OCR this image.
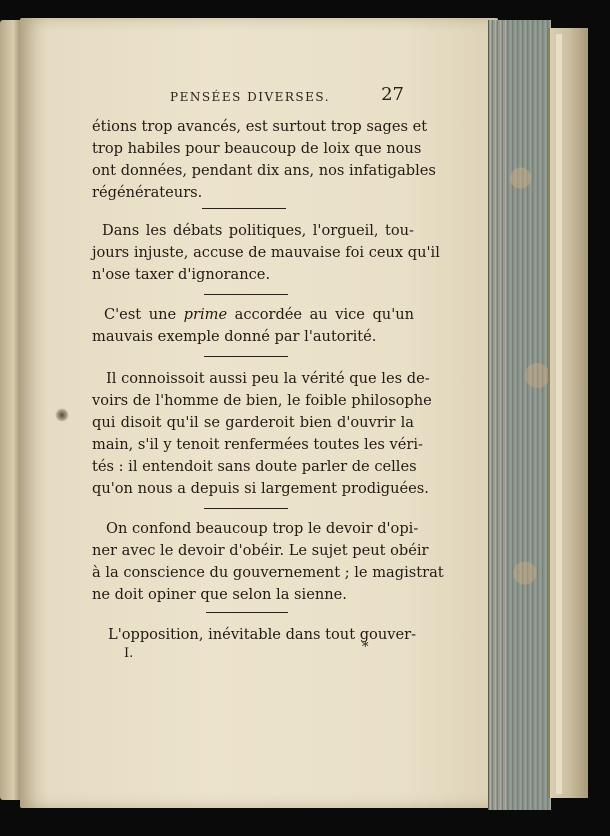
PENSÉES DIVERSES.	27
étions trop avancés, est surtout trop sages et
trop habiles pour beaucoup de loix que nous
ont données, pendant dix ans, nos infatigables
régénérateurs.
Dans les débats politiques, l'orgueil, tou-
jours injuste, accuse de mauvaise foi ceux qu'il
n'ose taxer d'ignorance.
C'est une prime accordée au vice qu'un
mauvais exemple donné par l'autorité.
Il connoissoit aussi peu la vérité que les de-
voirs de l'homme de bien, le foible philosophe
qui disoit qu'il se garderoit bien d'ouvrir la
main, s'il y tenoit renfermées toutes les véri-
tés : il entendoit sans doute parler de celles
qu'on nous a depuis si largement prodiguées.
On confond beaucoup trop le devoir d'opi-
ner avec le devoir d'obéir. Le sujet peut obéir
à la conscience du gouvernement ; le magistrat
ne doit opiner que selon la sienne.
L'opposition, inévitable dans tout gouver-
I.	*
